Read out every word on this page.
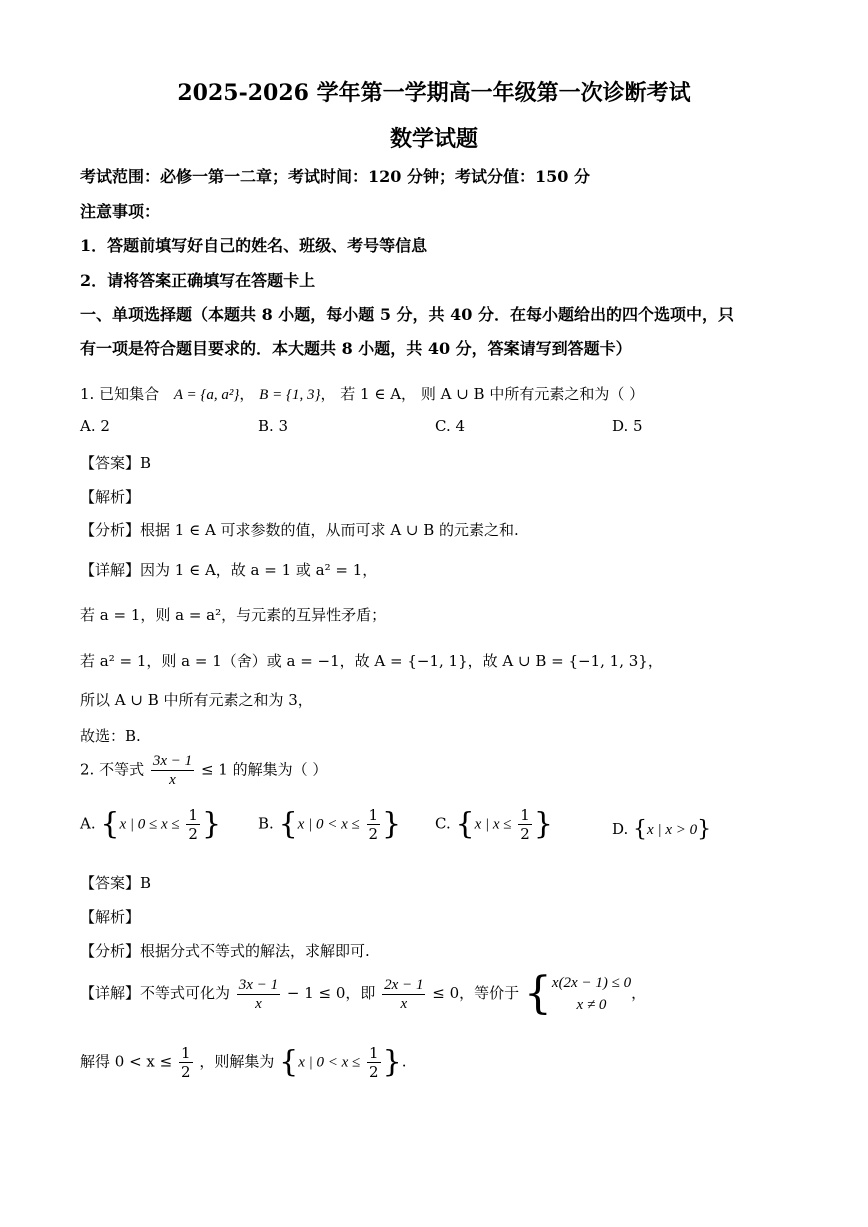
2025-2026 学年第一学期高一年级第一次诊断考试
数学试题
考试范围：必修一第一二章；考试时间：120 分钟；考试分值：150 分
注意事项：
1．答题前填写好自己的姓名、班级、考号等信息
2．请将答案正确填写在答题卡上
一、单项选择题（本题共 8 小题，每小题 5 分，共 40 分．在每小题给出的四个选项中，只
有一项是符合题目要求的．本大题共 8 小题，共 40 分，答案请写到答题卡）
1. 已知集合 A = {a, a²}， B = {1, 3}， 若 1 ∈ A， 则 A ∪ B 中所有元素之和为（ ）
A. 2	B. 3	C. 4	D. 5
【答案】B
【解析】
【分析】根据 1 ∈ A 可求参数的值，从而可求 A ∪ B 的元素之和.
【详解】因为 1 ∈ A，故 a = 1 或 a² = 1，
若 a = 1，则 a = a²，与元素的互异性矛盾；
若 a² = 1，则 a = 1（舍）或 a = −1，故 A = {−1, 1}，故 A ∪ B = {−1, 1, 3}，
所以 A ∪ B 中所有元素之和为 3，
故选：B.
2. 不等式 $\frac{3x - 1}{x} \le 1$ 的解集为（ ）
A. {x | $0 \le x \le \frac{1}{2}$ } B. {x | $0 < x \le \frac{1}{2}$ } C. {x | $x \le \frac{1}{2}$ }	D. {x | x > 0}
【答案】B
【解析】
【分析】根据分式不等式的解法，求解即可.
【详解】不等式可化为 $\frac{3x - 1}{x} - 1 \le 0$，即 $\frac{2x - 1}{x} \le 0$，等价于 { x(2x − 1) ≤ 0
x ≠ 0
，
解得 $0 < x \le \frac{1}{2}$ ，则解集为 {x | $0 < x \le \frac{1}{2}$ }.
